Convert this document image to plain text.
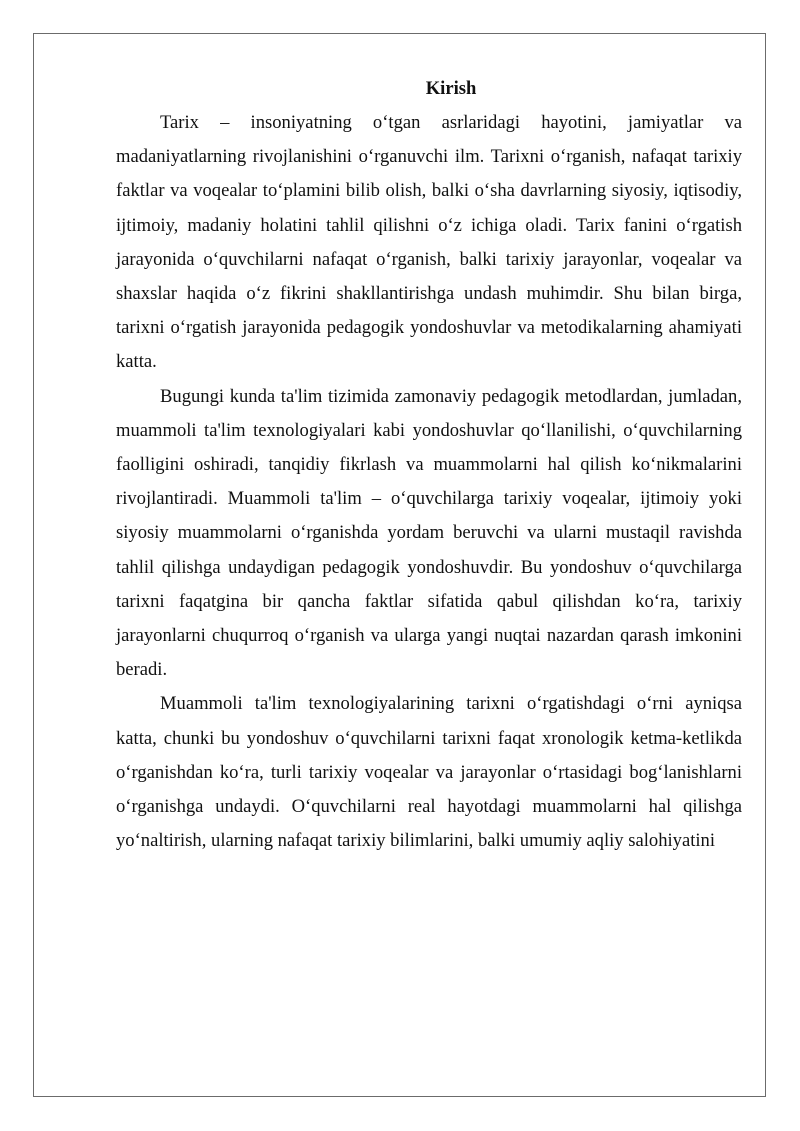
Kirish

Tarix – insoniyatning o‘tgan asrlaridagi hayotini, jamiyatlar va madaniyatlarning rivojlanishini o‘rganuvchi ilm. Tarixni o‘rganish, nafaqat tarixiy faktlar va voqealar to‘plamini bilib olish, balki o‘sha davrlarning siyosiy, iqtisodiy, ijtimoiy, madaniy holatini tahlil qilishni o‘z ichiga oladi. Tarix fanini o‘rgatish jarayonida o‘quvchilarni nafaqat o‘rganish, balki tarixiy jarayonlar, voqealar va shaxslar haqida o‘z fikrini shakllantirishga undash muhimdir. Shu bilan birga, tarixni o‘rgatish jarayonida pedagogik yondoshuvlar va metodikalarning ahamiyati katta.

Bugungi kunda ta'lim tizimida zamonaviy pedagogik metodlardan, jumladan, muammoli ta'lim texnologiyalari kabi yondoshuvlar qo‘llanilishi, o‘quvchilarning faolligini oshiradi, tanqidiy fikrlash va muammolarni hal qilish ko‘nikmalarini rivojlantiradi. Muammoli ta'lim – o‘quvchilarga tarixiy voqealar, ijtimoiy yoki siyosiy muammolarni o‘rganishda yordam beruvchi va ularni mustaqil ravishda tahlil qilishga undaydigan pedagogik yondoshuvdir. Bu yondoshuv o‘quvchilarga tarixni faqatgina bir qancha faktlar sifatida qabul qilishdan ko‘ra, tarixiy jarayonlarni chuqurroq o‘rganish va ularga yangi nuqtai nazardan qarash imkonini beradi.

Muammoli ta'lim texnologiyalarining tarixni o‘rgatishdagi o‘rni ayniqsa katta, chunki bu yondoshuv o‘quvchilarni tarixni faqat xronologik ketma-ketlikda o‘rganishdan ko‘ra, turli tarixiy voqealar va jarayonlar o‘rtasidagi bog‘lanishlarni o‘rganishga undaydi. O‘quvchilarni real hayotdagi muammolarni hal qilishga yo‘naltirish, ularning nafaqat tarixiy bilimlarini, balki umumiy aqliy salohiyatini
